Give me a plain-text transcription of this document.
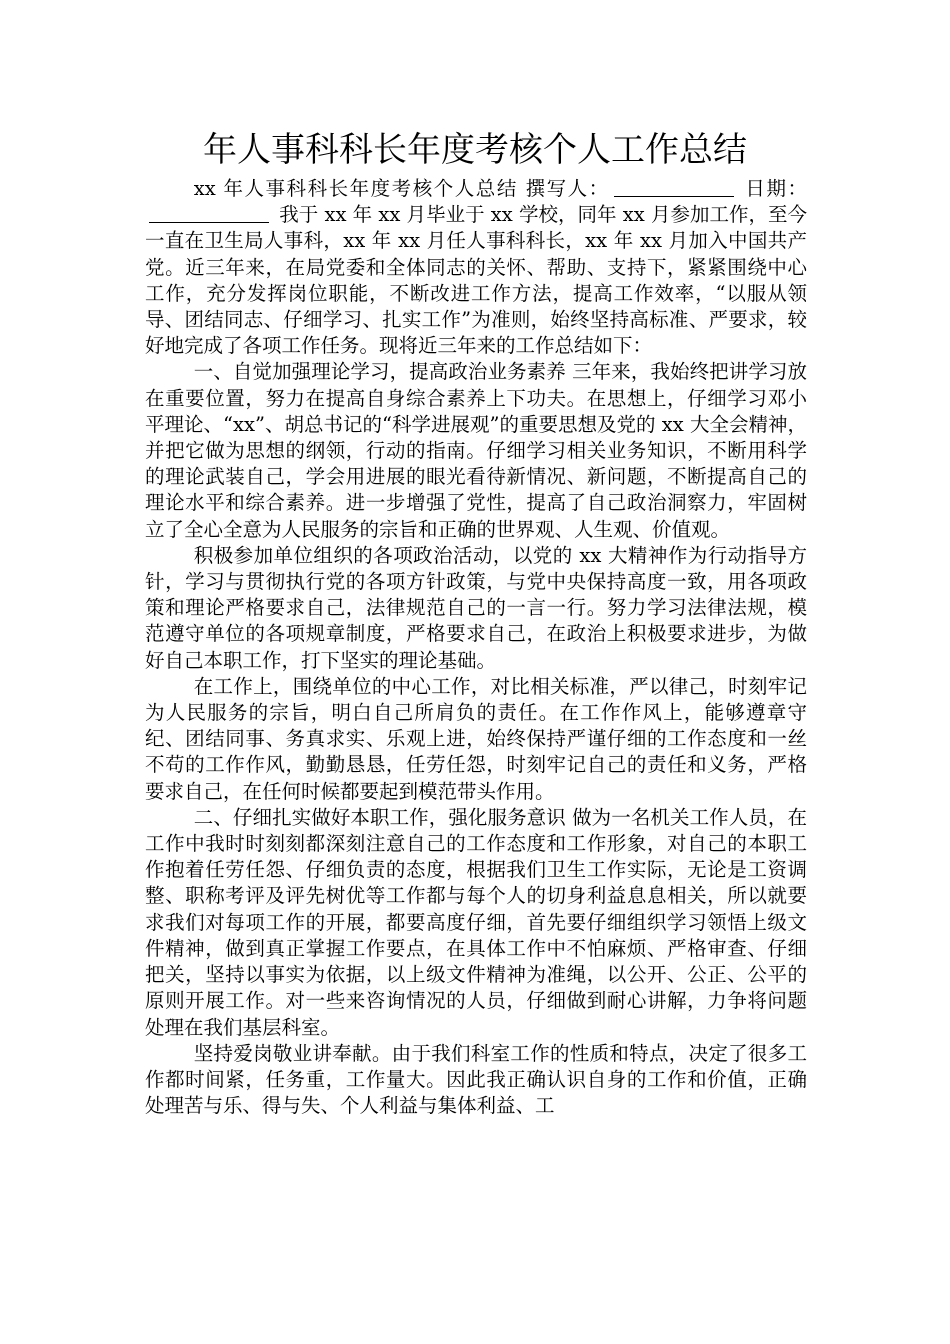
年人事科科长年度考核个人工作总结

xx 年人事科科长年度考核个人总结 撰写人：	日期： 我于 xx 年 xx 月毕业于 xx 学校，同年 xx 月参加工作，至今一直在卫生局人事科，xx 年 xx 月任人事科科长，xx 年 xx 月加入中国共产党。近三年来，在局党委和全体同志的关怀、帮助、支持下，紧紧围绕中心工作，充分发挥岗位职能，不断改进工作方法，提高工作效率，“以服从领导、团结同志、仔细学习、扎实工作”为准则，始终坚持高标准、严要求，较好地完成了各项工作任务。现将近三年来的工作总结如下：

一、自觉加强理论学习，提高政治业务素养 三年来，我始终把讲学习放在重要位置，努力在提高自身综合素养上下功夫。在思想上，仔细学习邓小平理论、“xx”、胡总书记的“科学进展观”的重要思想及党的 xx 大全会精神，并把它做为思想的纲领，行动的指南。仔细学习相关业务知识，不断用科学的理论武装自己，学会用进展的眼光看待新情况、新问题，不断提高自己的理论水平和综合素养。进一步增强了党性，提高了自己政治洞察力，牢固树立了全心全意为人民服务的宗旨和正确的世界观、人生观、价值观。

积极参加单位组织的各项政治活动，以党的 xx 大精神作为行动指导方针，学习与贯彻执行党的各项方针政策，与党中央保持高度一致，用各项政策和理论严格要求自己，法律规范自己的一言一行。努力学习法律法规，模范遵守单位的各项规章制度，严格要求自己，在政治上积极要求进步，为做好自己本职工作，打下坚实的理论基础。

在工作上，围绕单位的中心工作，对比相关标准，严以律己，时刻牢记为人民服务的宗旨，明白自己所肩负的责任。在工作作风上，能够遵章守纪、团结同事、务真求实、乐观上进，始终保持严谨仔细的工作态度和一丝不苟的工作作风，勤勤恳恳，任劳任怨，时刻牢记自己的责任和义务，严格要求自己，在任何时候都要起到模范带头作用。

二、仔细扎实做好本职工作，强化服务意识 做为一名机关工作人员，在工作中我时时刻刻都深刻注意自己的工作态度和工作形象，对自己的本职工作抱着任劳任怨、仔细负责的态度，根据我们卫生工作实际，无论是工资调整、职称考评及评先树优等工作都与每个人的切身利益息息相关，所以就要求我们对每项工作的开展，都要高度仔细，首先要仔细组织学习领悟上级文件精神，做到真正掌握工作要点，在具体工作中不怕麻烦、严格审查、仔细把关，坚持以事实为依据，以上级文件精神为准绳，以公开、公正、公平的原则开展工作。对一些来咨询情况的人员，仔细做到耐心讲解，力争将问题处理在我们基层科室。

坚持爱岗敬业讲奉献。由于我们科室工作的性质和特点，决定了很多工作都时间紧，任务重，工作量大。因此我正确认识自身的工作和价值，正确处理苦与乐、得与失、个人利益与集体利益、工
